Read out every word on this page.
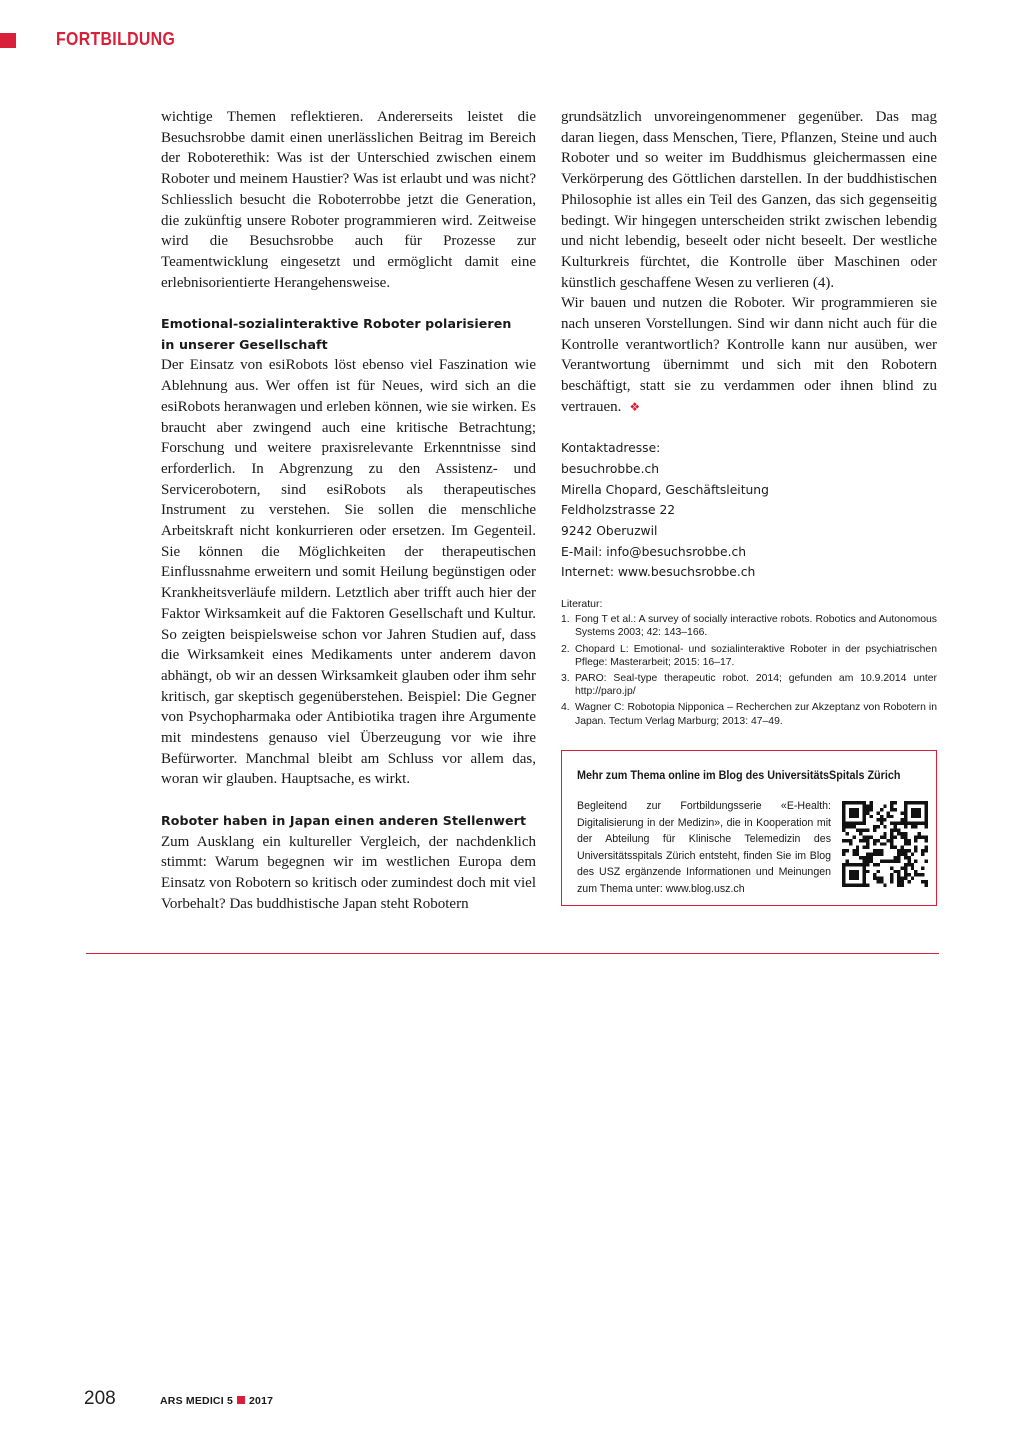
FORTBILDUNG

wichtige Themen reflektieren. Andererseits leistet die Besuchsrobbe damit einen unerlässlichen Beitrag im Bereich der Roboterethik: Was ist der Unterschied zwischen einem Roboter und meinem Haustier? Was ist erlaubt und was nicht? Schliesslich besucht die Roboterrobbe jetzt die Generation, die zukünftig unsere Roboter programmieren wird. Zeitweise wird die Besuchsrobbe auch für Prozesse zur Teamentwicklung eingesetzt und ermöglicht damit eine erlebnisorientierte Herangehensweise.

Emotional-sozialinteraktive Roboter polarisieren
in unserer Gesellschaft

Der Einsatz von esiRobots löst ebenso viel Faszination wie Ablehnung aus. Wer offen ist für Neues, wird sich an die esiRobots heranwagen und erleben können, wie sie wirken. Es braucht aber zwingend auch eine kritische Betrachtung; Forschung und weitere praxisrelevante Erkenntnisse sind erforderlich. In Abgrenzung zu den Assistenz- und Servicerobotern, sind esiRobots als therapeutisches Instrument zu verstehen. Sie sollen die menschliche Arbeitskraft nicht konkurrieren oder ersetzen. Im Gegenteil. Sie können die Möglichkeiten der therapeutischen Einflussnahme erweitern und somit Heilung begünstigen oder Krankheitsverläufe mildern. Letztlich aber trifft auch hier der Faktor Wirksamkeit auf die Faktoren Gesellschaft und Kultur. So zeigten beispielsweise schon vor Jahren Studien auf, dass die Wirksamkeit eines Medikaments unter anderem davon abhängt, ob wir an dessen Wirksamkeit glauben oder ihm sehr kritisch, gar skeptisch gegenüberstehen. Beispiel: Die Gegner von Psychopharmaka oder Antibiotika tragen ihre Argumente mit mindestens genauso viel Überzeugung vor wie ihre Befürworter. Manchmal bleibt am Schluss vor allem das, woran wir glauben. Hauptsache, es wirkt.

Roboter haben in Japan einen anderen Stellenwert

Zum Ausklang ein kultureller Vergleich, der nachdenklich stimmt: Warum begegnen wir im westlichen Europa dem Einsatz von Robotern so kritisch oder zumindest doch mit viel Vorbehalt? Das buddhistische Japan steht Robotern

grundsätzlich unvoreingenommener gegenüber. Das mag daran liegen, dass Menschen, Tiere, Pflanzen, Steine und auch Roboter und so weiter im Buddhismus gleichermassen eine Verkörperung des Göttlichen darstellen. In der buddhistischen Philosophie ist alles ein Teil des Ganzen, das sich gegenseitig bedingt. Wir hingegen unterscheiden strikt zwischen lebendig und nicht lebendig, beseelt oder nicht beseelt. Der westliche Kulturkreis fürchtet, die Kontrolle über Maschinen oder künstlich geschaffene Wesen zu verlieren (4).

Wir bauen und nutzen die Roboter. Wir programmieren sie nach unseren Vorstellungen. Sind wir dann nicht auch für die Kontrolle verantwortlich? Kontrolle kann nur ausüben, wer Verantwortung übernimmt und sich mit den Robotern beschäftigt, statt sie zu verdammen oder ihnen blind zu vertrauen. ❖

Kontaktadresse:
besuchrobbe.ch
Mirella Chopard, Geschäftsleitung
Feldholzstrasse 22
9242 Oberuzwil
E-Mail: info@besuchsrobbe.ch
Internet: www.besuchsrobbe.ch
Literatur:
1. Fong T et al.: A survey of socially interactive robots. Robotics and Autonomous Systems 2003; 42: 143–166.
2. Chopard L: Emotional- und sozialinteraktive Roboter in der psychiatrischen Pflege: Masterarbeit; 2015: 16–17.
3. PARO: Seal-type therapeutic robot. 2014; gefunden am 10.9.2014 unter http://paro.jp/
4. Wagner C: Robotopia Nipponica – Recherchen zur Akzeptanz von Robotern in Japan. Tectum Verlag Marburg; 2013: 47–49.
Mehr zum Thema online im Blog des UniversitätsSpitals Zürich
Begleitend zur Fortbildungsserie «E-Health: Digitalisierung in der Medizin», die in Kooperation mit der Abteilung für Klinische Telemedizin des Universitätsspitals Zürich entsteht, finden Sie im Blog des USZ ergänzende Informationen und Meinungen zum Thema unter: www.blog.usz.ch
208	ARS MEDICI 5 2017
